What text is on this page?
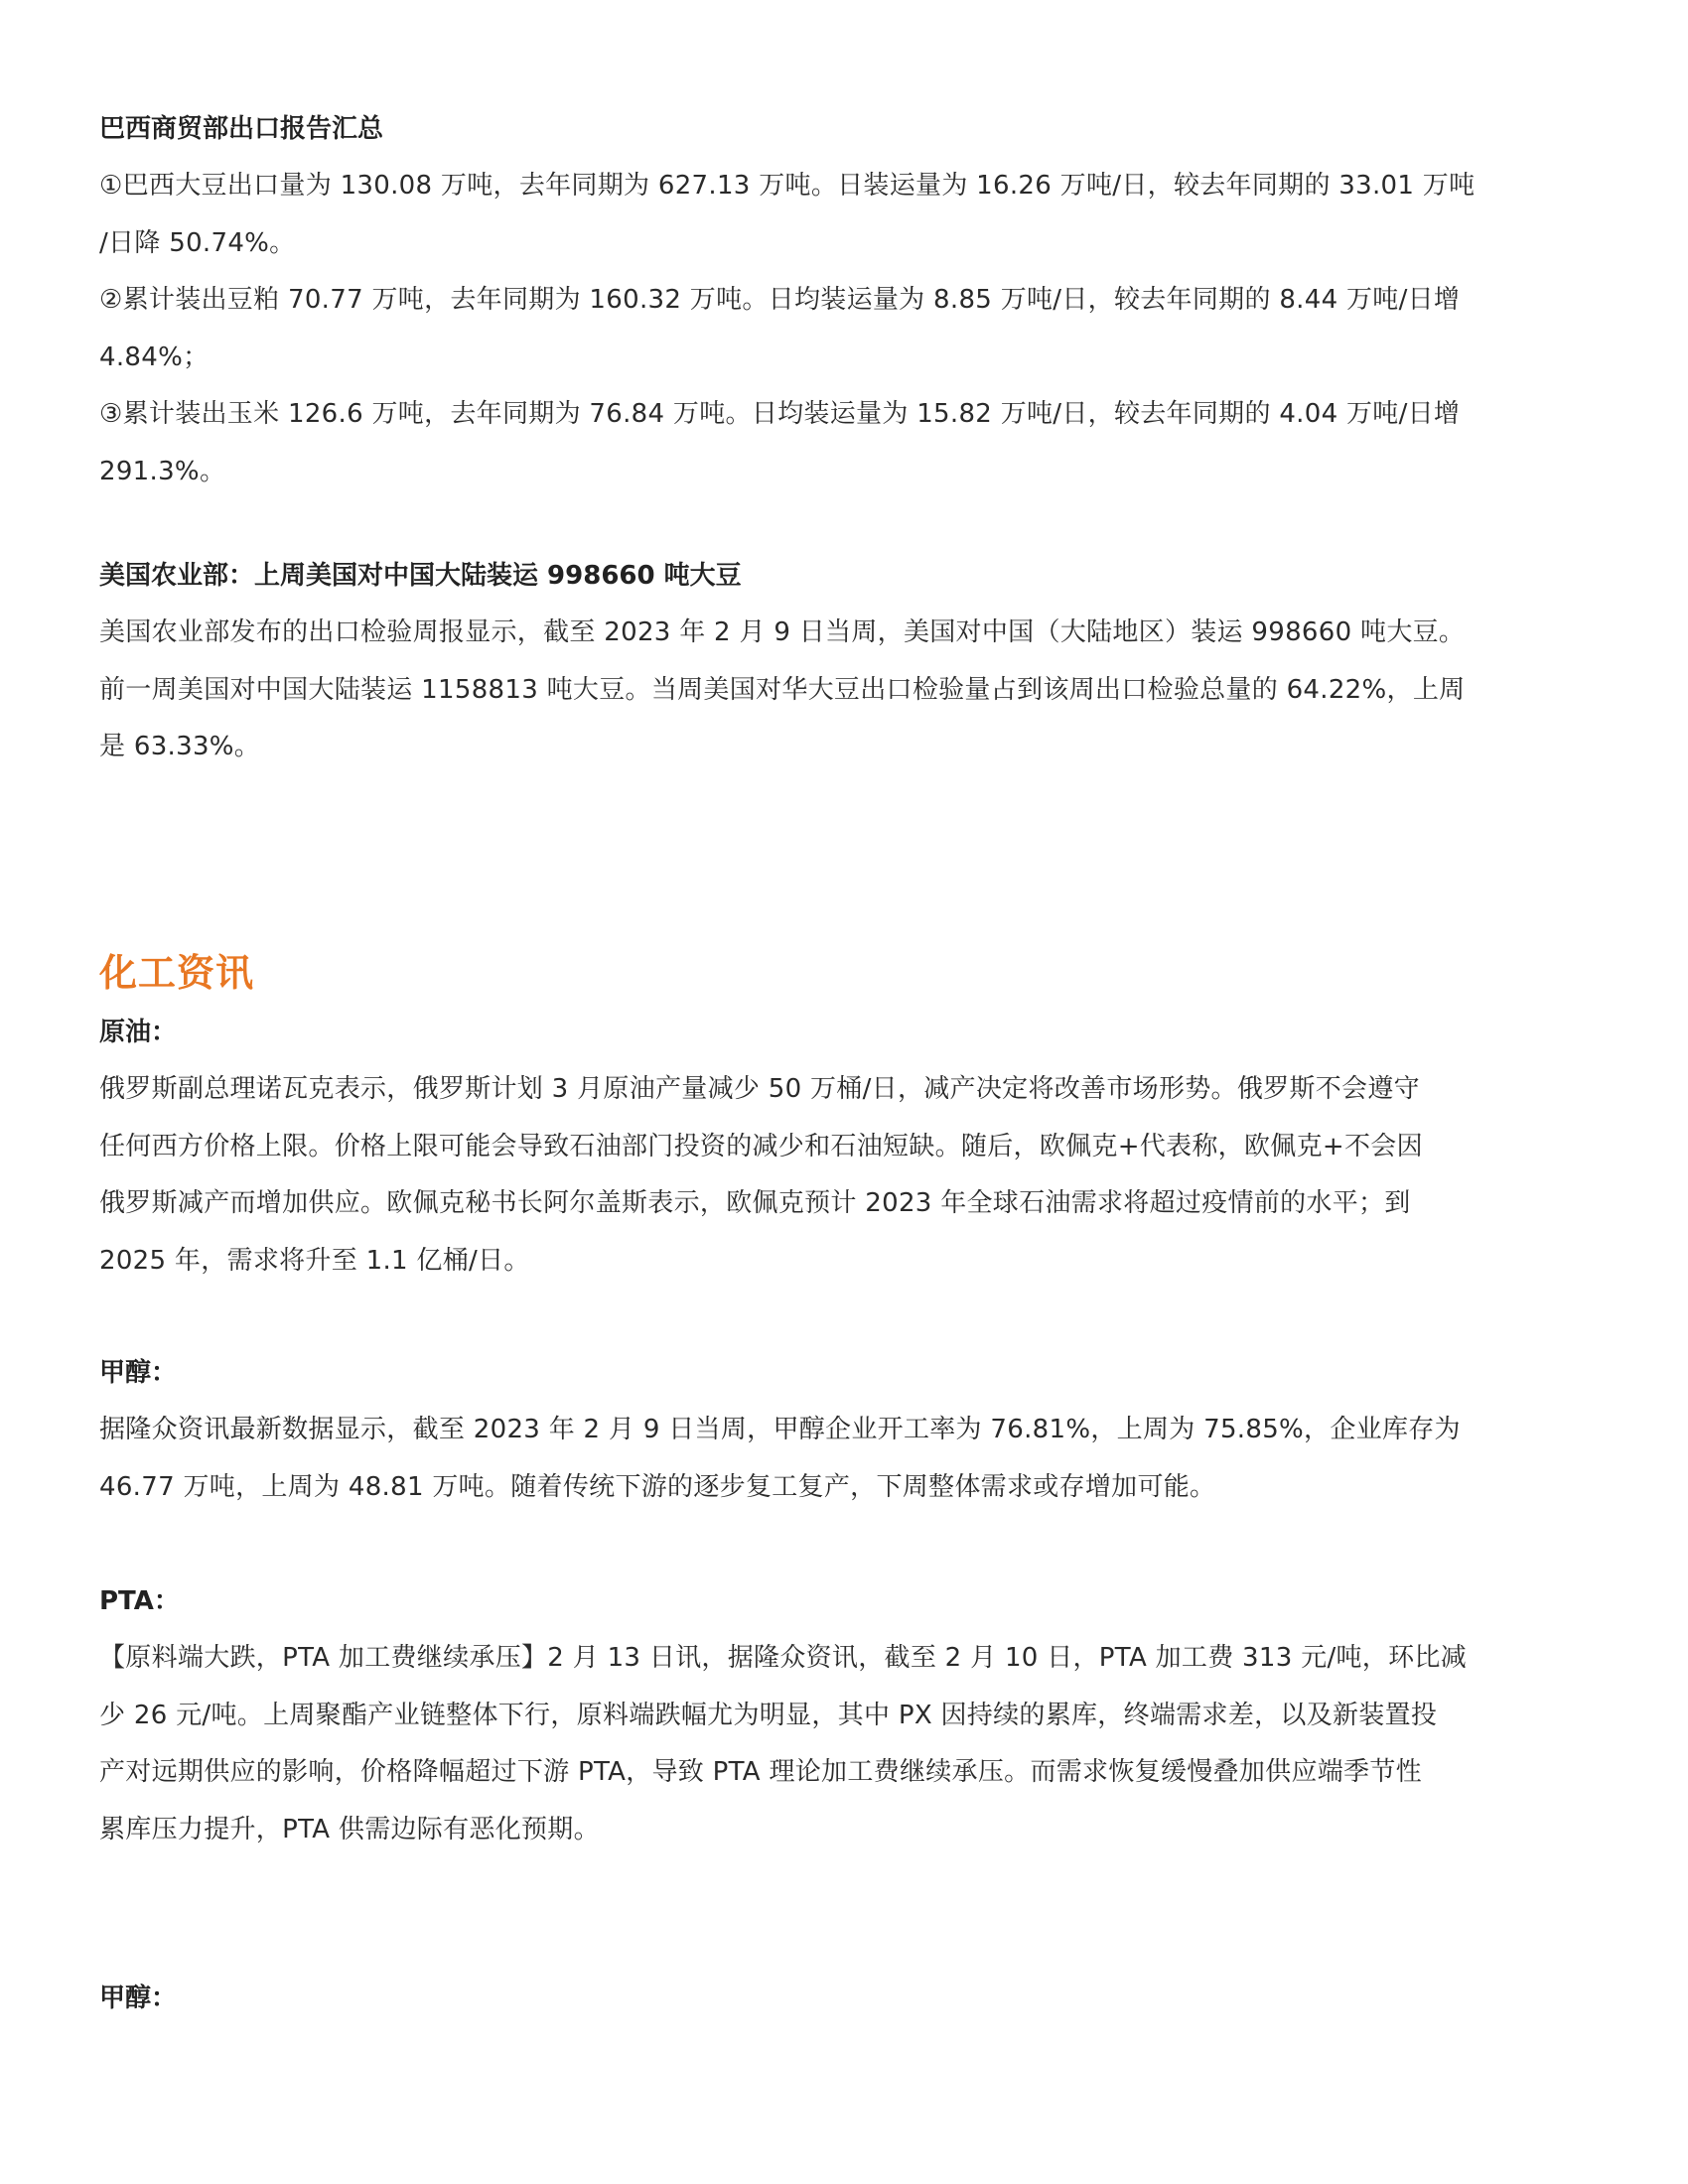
巴西商贸部出口报告汇总

①巴西大豆出口量为 130.08 万吨，去年同期为 627.13 万吨。日装运量为 16.26 万吨/日，较去年同期的 33.01 万吨

/日降 50.74%。

②累计装出豆粕 70.77 万吨，去年同期为 160.32 万吨。日均装运量为 8.85 万吨/日，较去年同期的 8.44 万吨/日增

4.84%；

③累计装出玉米 126.6 万吨，去年同期为 76.84 万吨。日均装运量为 15.82 万吨/日，较去年同期的 4.04 万吨/日增

291.3%。

美国农业部：上周美国对中国大陆装运 998660 吨大豆

美国农业部发布的出口检验周报显示，截至 2023 年 2 月 9 日当周，美国对中国（大陆地区）装运 998660 吨大豆。

前一周美国对中国大陆装运 1158813 吨大豆。当周美国对华大豆出口检验量占到该周出口检验总量的 64.22%，上周

是 63.33%。

化工资讯

原油：

俄罗斯副总理诺瓦克表示，俄罗斯计划 3 月原油产量减少 50 万桶/日，减产决定将改善市场形势。俄罗斯不会遵守

任何西方价格上限。价格上限可能会导致石油部门投资的减少和石油短缺。随后，欧佩克+代表称，欧佩克+不会因

俄罗斯减产而增加供应。欧佩克秘书长阿尔盖斯表示，欧佩克预计 2023 年全球石油需求将超过疫情前的水平；到

2025 年，需求将升至 1.1 亿桶/日。

甲醇：

据隆众资讯最新数据显示，截至 2023 年 2 月 9 日当周，甲醇企业开工率为 76.81%，上周为 75.85%，企业库存为

46.77 万吨，上周为 48.81 万吨。随着传统下游的逐步复工复产，下周整体需求或存增加可能。

PTA：

【原料端大跌，PTA 加工费继续承压】2 月 13 日讯，据隆众资讯，截至 2 月 10 日，PTA 加工费 313 元/吨，环比减

少 26 元/吨。上周聚酯产业链整体下行，原料端跌幅尤为明显，其中 PX 因持续的累库，终端需求差，以及新装置投

产对远期供应的影响，价格降幅超过下游 PTA，导致 PTA 理论加工费继续承压。而需求恢复缓慢叠加供应端季节性

累库压力提升，PTA 供需边际有恶化预期。

甲醇：
